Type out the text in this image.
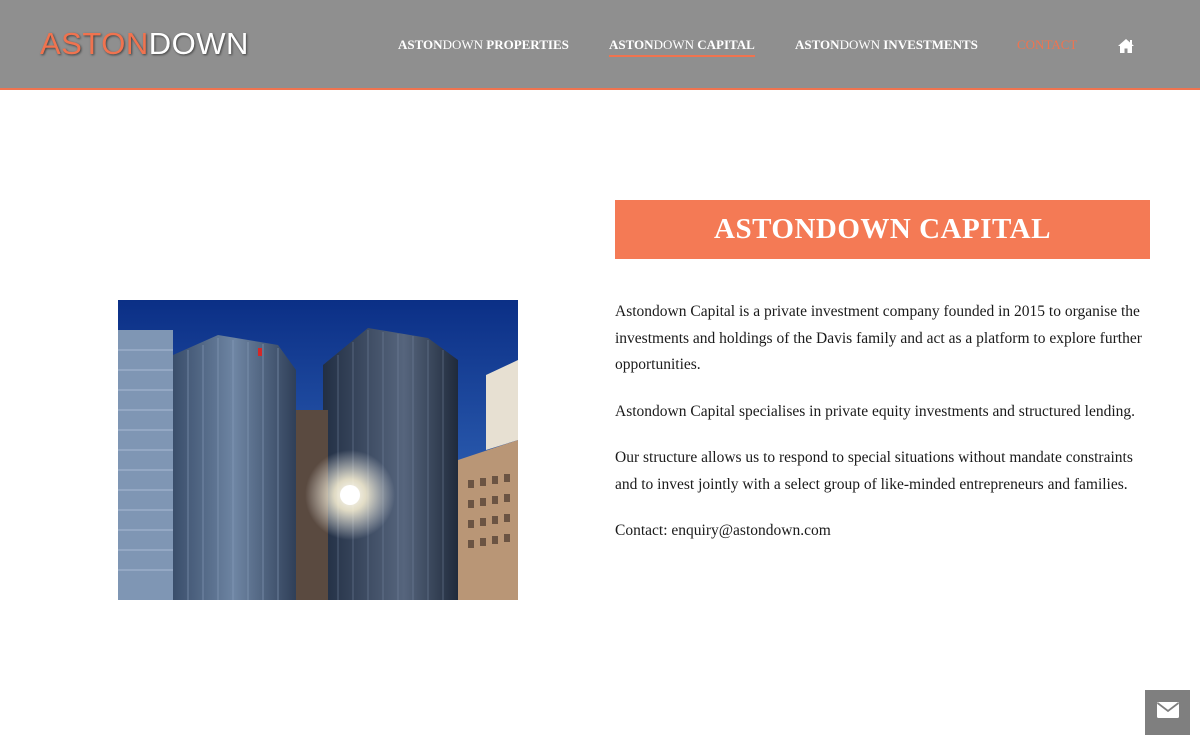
ASTONDOWN	ASTONDOWN PROPERTIES	ASTONDOWN CAPITAL	ASTONDOWN INVESTMENTS	CONTACT
ASTONDOWN CAPITAL

Astondown Capital is a private investment company founded in 2015 to organise the investments and holdings of the Davis family and act as a platform to explore further opportunities.

Astondown Capital specialises in private equity investments and structured lending.

Our structure allows us to respond to special situations without mandate constraints and to invest jointly with a select group of like-minded entrepreneurs and families.

Contact: enquiry@astondown.com
